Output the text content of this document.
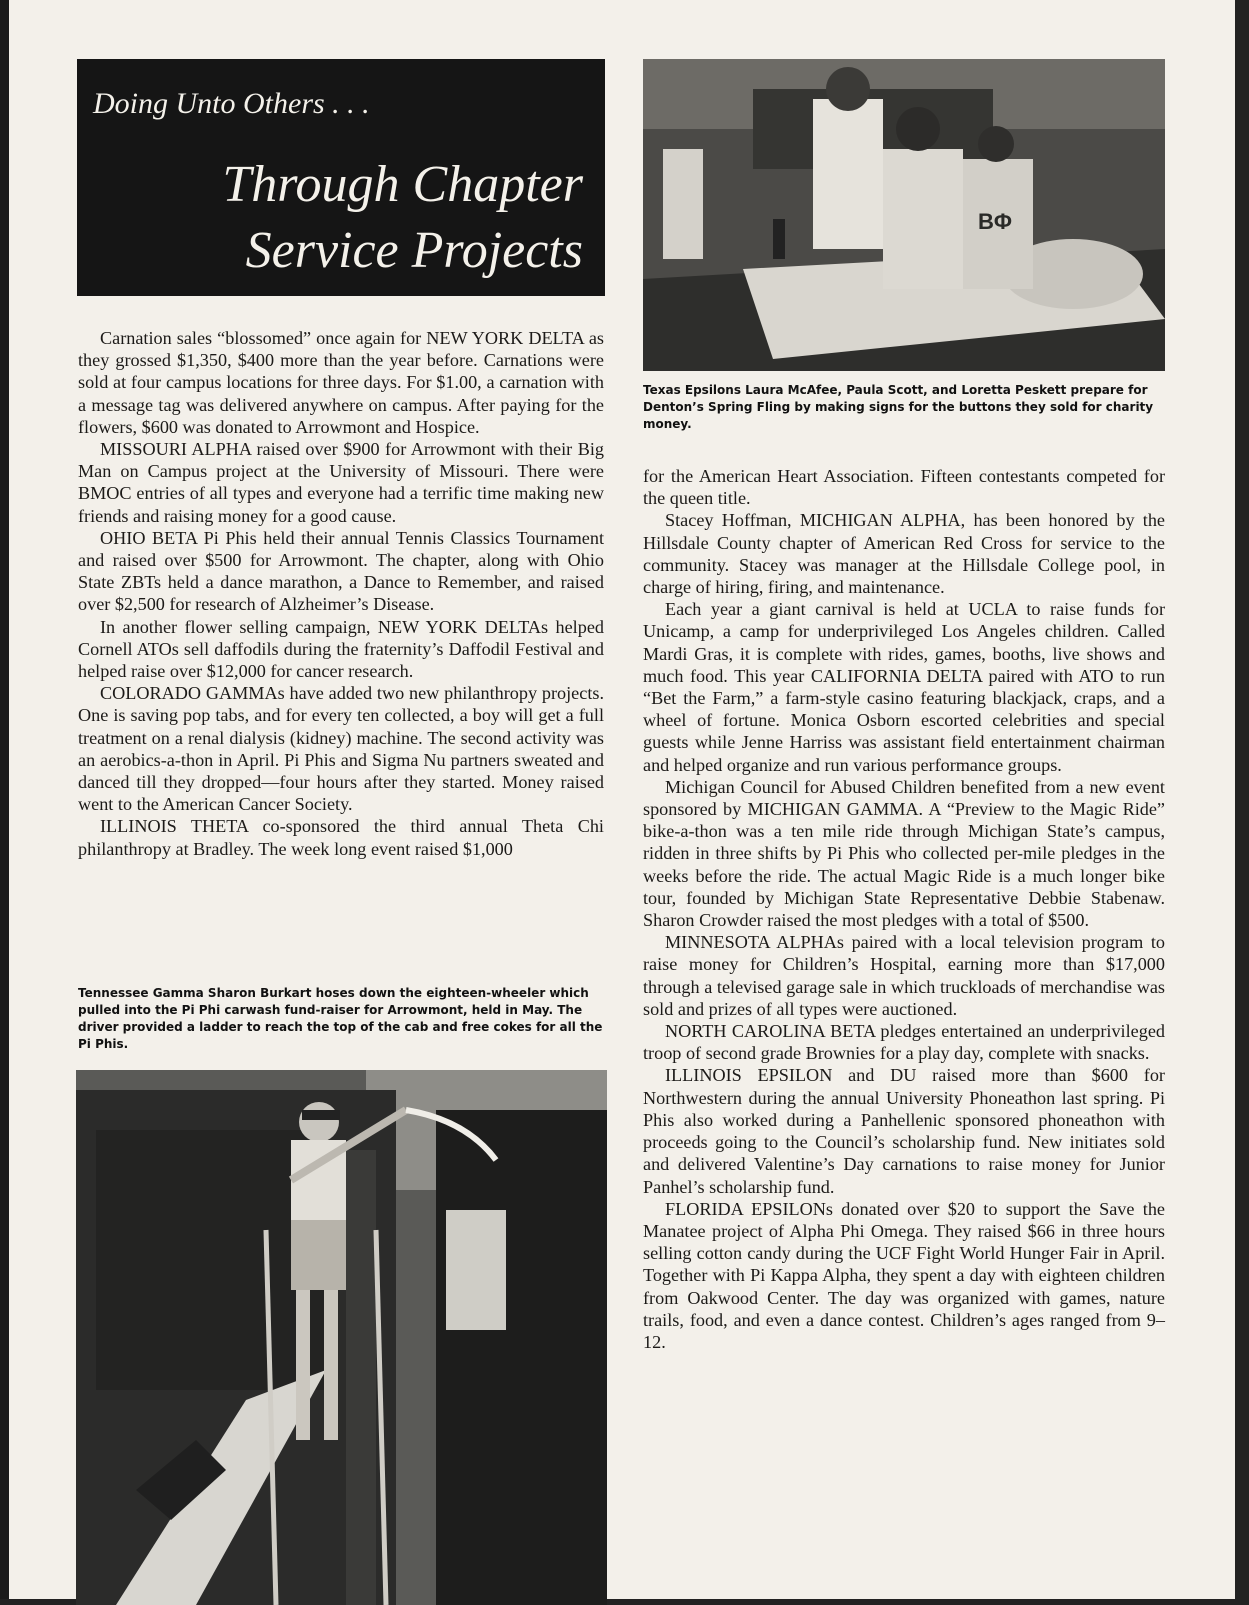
Doing Unto Others . . .
Through Chapter
Service Projects

Carnation sales “blossomed” once again for NEW YORK DELTA as they grossed $1,350, $400 more than the year before. Carnations were sold at four campus locations for three days. For $1.00, a carnation with a message tag was delivered anywhere on campus. After paying for the flowers, $600 was donated to Arrowmont and Hospice.

MISSOURI ALPHA raised over $900 for Arrowmont with their Big Man on Campus project at the University of Missouri. There were BMOC entries of all types and everyone had a terrific time making new friends and raising money for a good cause.

OHIO BETA Pi Phis held their annual Tennis Classics Tournament and raised over $500 for Arrowmont. The chapter, along with Ohio State ZBTs held a dance marathon, a Dance to Remember, and raised over $2,500 for research of Alzheimer’s Disease.

In another flower selling campaign, NEW YORK DELTAs helped Cornell ATOs sell daffodils during the fraternity’s Daffodil Festival and helped raise over $12,000 for cancer research.

COLORADO GAMMAs have added two new philanthropy projects. One is saving pop tabs, and for every ten collected, a boy will get a full treatment on a renal dialysis (kidney) machine. The second activity was an aerobics-a-thon in April. Pi Phis and Sigma Nu partners sweated and danced till they dropped—four hours after they started. Money raised went to the American Cancer Society.

ILLINOIS THETA co-sponsored the third annual Theta Chi philanthropy at Bradley. The week long event raised $1,000

Tennessee Gamma Sharon Burkart hoses down the eighteen-wheeler which pulled into the Pi Phi carwash fund-raiser for Arrowmont, held in May. The driver provided a ladder to reach the top of the cab and free cokes for all the Pi Phis.
BΦ
Texas Epsilons Laura McAfee, Paula Scott, and Loretta Peskett prepare for Denton’s Spring Fling by making signs for the buttons they sold for charity money.

for the American Heart Association. Fifteen contestants competed for the queen title.

Stacey Hoffman, MICHIGAN ALPHA, has been honored by the Hillsdale County chapter of American Red Cross for service to the community. Stacey was manager at the Hillsdale College pool, in charge of hiring, firing, and maintenance.

Each year a giant carnival is held at UCLA to raise funds for Unicamp, a camp for underprivileged Los Angeles children. Called Mardi Gras, it is complete with rides, games, booths, live shows and much food. This year CALIFORNIA DELTA paired with ATO to run “Bet the Farm,” a farm-style casino featuring blackjack, craps, and a wheel of fortune. Monica Osborn escorted celebrities and special guests while Jenne Harriss was assistant field entertainment chairman and helped organize and run various performance groups.

Michigan Council for Abused Children benefited from a new event sponsored by MICHIGAN GAMMA. A “Preview to the Magic Ride” bike-a-thon was a ten mile ride through Michigan State’s campus, ridden in three shifts by Pi Phis who collected per-mile pledges in the weeks before the ride. The actual Magic Ride is a much longer bike tour, founded by Michigan State Representative Debbie Stabenaw. Sharon Crowder raised the most pledges with a total of $500.

MINNESOTA ALPHAs paired with a local television program to raise money for Children’s Hospital, earning more than $17,000 through a televised garage sale in which truckloads of merchandise was sold and prizes of all types were auctioned.

NORTH CAROLINA BETA pledges entertained an underprivileged troop of second grade Brownies for a play day, complete with snacks.

ILLINOIS EPSILON and DU raised more than $600 for Northwestern during the annual University Phoneathon last spring. Pi Phis also worked during a Panhellenic sponsored phoneathon with proceeds going to the Council’s scholarship fund. New initiates sold and delivered Valentine’s Day carnations to raise money for Junior Panhel’s scholarship fund.

FLORIDA EPSILONs donated over $20 to support the Save the Manatee project of Alpha Phi Omega. They raised $66 in three hours selling cotton candy during the UCF Fight World Hunger Fair in April. Together with Pi Kappa Alpha, they spent a day with eighteen children from Oakwood Center. The day was organized with games, nature trails, food, and even a dance contest. Children’s ages ranged from 9–12.
